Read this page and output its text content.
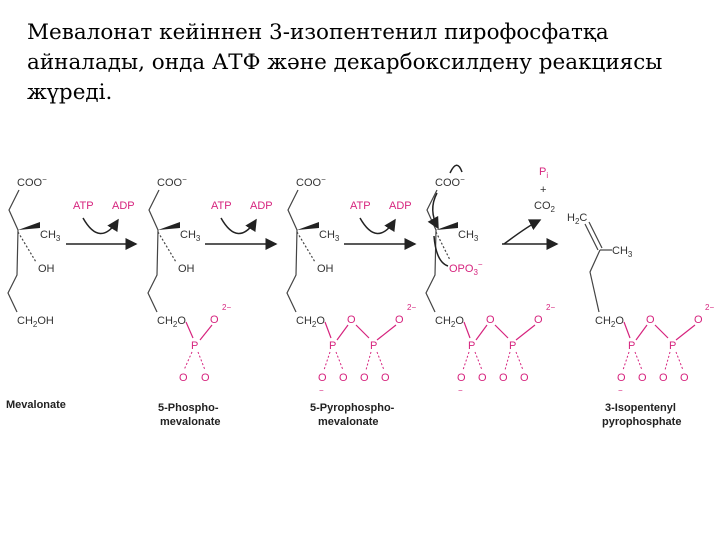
Мевалонат кейіннен 3-изопентенил пирофосфатқа
айналады, онда АТФ және декарбоксилдену реакциясы
жүреді.
COO−
$CH_3$
OH
$CH_2OH$
Mevalonate
ATP ADP
COO−
$CH_3$
OH
$CH_2O$
P
O
2−
O O
5-Phospho-
mevalonate
ATP ADP
COO−
$CH_3$
OH
$CH_2O$
P
O
P
O
2−
O
−
O O O
5-Pyrophospho-
mevalonate
ATP ADP
COO−
$CH_3$
$OPO_3^-$
$CH_2O$
P
O
P
O
2−
O
−
O O O
$P_i$
+
$CO_2$
$H_2C$
$CH_3$
$CH_2O$
P
O
P
O
2−
O
−
O O O
3-Isopentenyl
pyrophosphate
